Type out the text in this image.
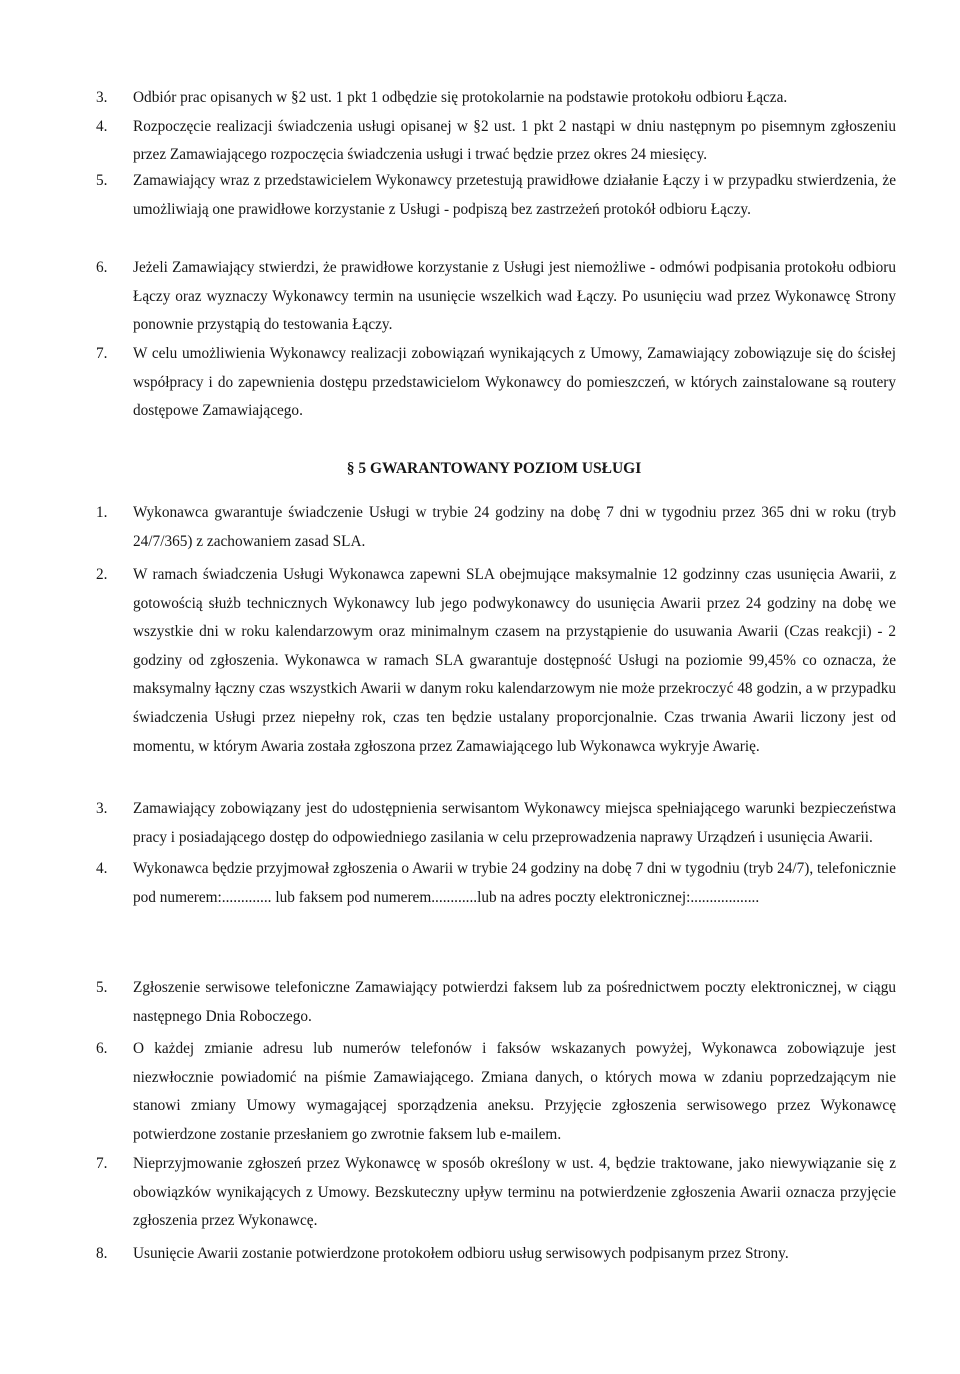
3. Odbiór prac opisanych w §2 ust. 1 pkt 1 odbędzie się protokolarnie na podstawie protokołu odbioru Łącza.
4. Rozpoczęcie realizacji świadczenia usługi opisanej w §2 ust. 1 pkt 2 nastąpi w dniu następnym po pisemnym zgłoszeniu przez Zamawiającego rozpoczęcia świadczenia usługi i trwać będzie przez okres 24 miesięcy.
5. Zamawiający wraz z przedstawicielem Wykonawcy przetestują prawidłowe działanie Łączy i w przypadku stwierdzenia, że umożliwiają one prawidłowe korzystanie z Usługi - podpiszą bez zastrzeżeń protokół odbioru Łączy.
6. Jeżeli Zamawiający stwierdzi, że prawidłowe korzystanie z Usługi jest niemożliwe - odmówi podpisania protokołu odbioru Łączy oraz wyznaczy Wykonawcy termin na usunięcie wszelkich wad Łączy. Po usunięciu wad przez Wykonawcę Strony ponownie przystąpią do testowania Łączy.
7. W celu umożliwienia Wykonawcy realizacji zobowiązań wynikających z Umowy, Zamawiający zobowiązuje się do ścisłej współpracy i do zapewnienia dostępu przedstawicielom Wykonawcy do pomieszczeń, w których zainstalowane są routery dostępowe Zamawiającego.
§ 5 GWARANTOWANY POZIOM USŁUGI
1. Wykonawca gwarantuje świadczenie Usługi w trybie 24 godziny na dobę 7 dni w tygodniu przez 365 dni w roku (tryb 24/7/365) z zachowaniem zasad SLA.
2. W ramach świadczenia Usługi Wykonawca zapewni SLA obejmujące maksymalnie 12 godzinny czas usunięcia Awarii, z gotowością służb technicznych Wykonawcy lub jego podwykonawcy do usunięcia Awarii przez 24 godziny na dobę we wszystkie dni w roku kalendarzowym oraz minimalnym czasem na przystąpienie do usuwania Awarii (Czas reakcji) - 2 godziny od zgłoszenia. Wykonawca w ramach SLA gwarantuje dostępność Usługi na poziomie 99,45% co oznacza, że maksymalny łączny czas wszystkich Awarii w danym roku kalendarzowym nie może przekroczyć 48 godzin, a w przypadku świadczenia Usługi przez niepełny rok, czas ten będzie ustalany proporcjonalnie. Czas trwania Awarii liczony jest od momentu, w którym Awaria została zgłoszona przez Zamawiającego lub Wykonawca wykryje Awarię.
3. Zamawiający zobowiązany jest do udostępnienia serwisantom Wykonawcy miejsca spełniającego warunki bezpieczeństwa pracy i posiadającego dostęp do odpowiedniego zasilania w celu przeprowadzenia naprawy Urządzeń i usunięcia Awarii.
4. Wykonawca będzie przyjmował zgłoszenia o Awarii w trybie 24 godziny na dobę 7 dni w tygodniu (tryb 24/7), telefonicznie pod numerem:............. lub faksem pod numerem............lub na adres poczty elektronicznej:..................
5. Zgłoszenie serwisowe telefoniczne Zamawiający potwierdzi faksem lub za pośrednictwem poczty elektronicznej, w ciągu następnego Dnia Roboczego.
6. O każdej zmianie adresu lub numerów telefonów i faksów wskazanych powyżej, Wykonawca zobowiązuje jest niezwłocznie powiadomić na piśmie Zamawiającego. Zmiana danych, o których mowa w zdaniu poprzedzającym nie stanowi zmiany Umowy wymagającej sporządzenia aneksu. Przyjęcie zgłoszenia serwisowego przez Wykonawcę potwierdzone zostanie przesłaniem go zwrotnie faksem lub e-mailem.
7. Nieprzyjmowanie zgłoszeń przez Wykonawcę w sposób określony w ust. 4, będzie traktowane, jako niewywiązanie się z obowiązków wynikających z Umowy. Bezskuteczny upływ terminu na potwierdzenie zgłoszenia Awarii oznacza przyjęcie zgłoszenia przez Wykonawcę.
8. Usunięcie Awarii zostanie potwierdzone protokołem odbioru usług serwisowych podpisanym przez Strony.
